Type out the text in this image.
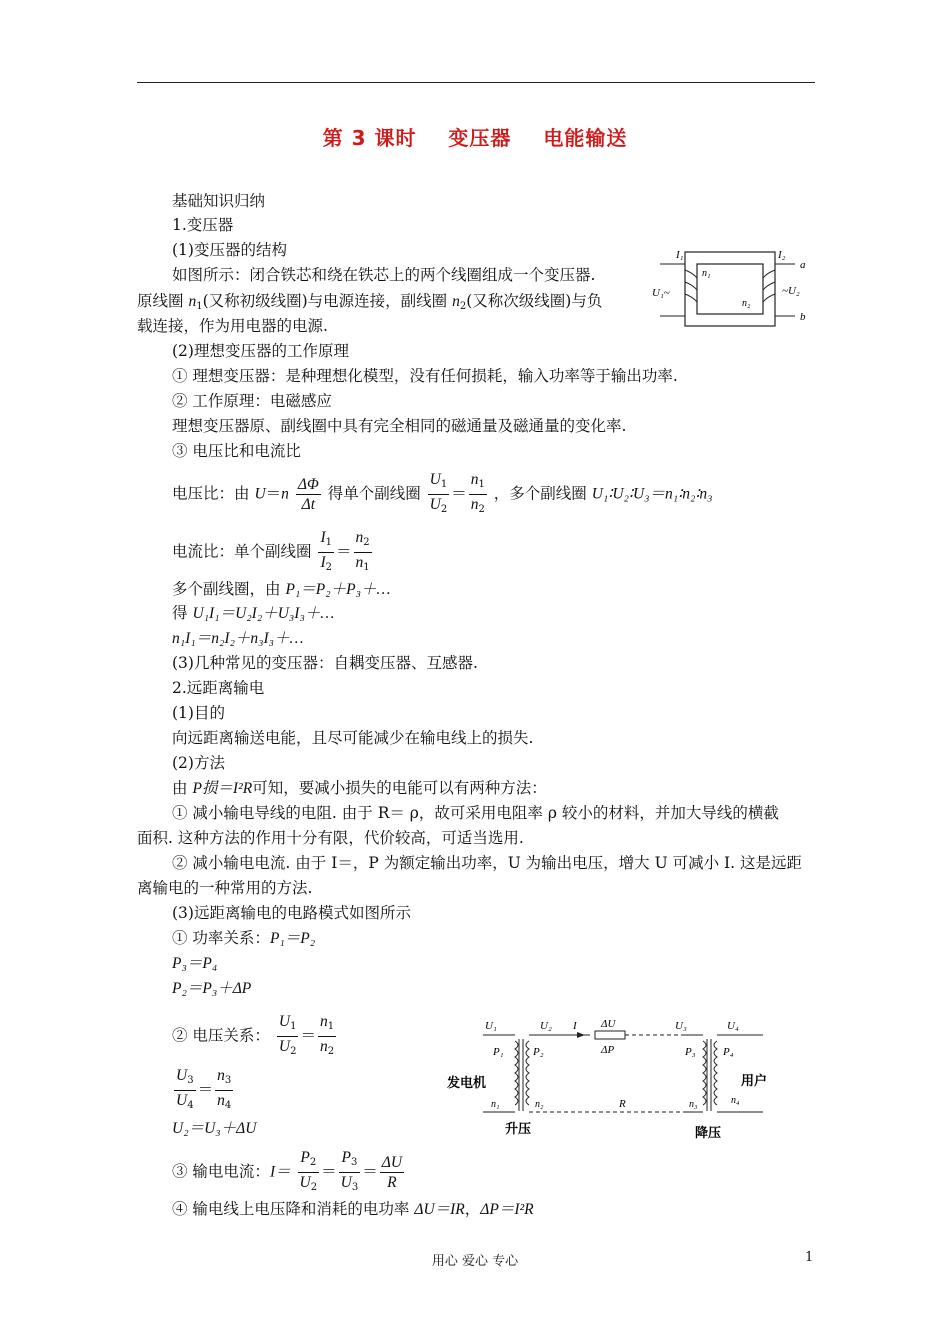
第 3 课时 变压器 电能输送
基础知识归纳
1.变压器
(1)变压器的结构
如图所示：闭合铁芯和绕在铁芯上的两个线圈组成一个变压器.
原线圈 n1(又称初级线圈)与电源连接，副线圈 n2(又称次级线圈)与负
载连接，作为用电器的电源.
I₁	I₂
n₁
n₂
U₁~	~U₂
a
b
(2)理想变压器的工作原理
① 理想变压器：是种理想化模型，没有任何损耗，输入功率等于输出功率.
② 工作原理：电磁感应
理想变压器原、副线圈中具有完全相同的磁通量及磁通量的变化率.
③ 电压比和电流比
电压比：由 $U=n \frac{\Delta\Phi}{\Delta t}$ 得单个副线圈 $\frac{U1}{U2} = \frac{n1}{n2}$ ，多个副线圈 U₁∶U₂∶U₃＝n₁∶n₂∶n₃
电流比：单个副线圈 $\frac{I1}{I2} = \frac{n2}{n1}$
多个副线圈，由 P₁＝P₂＋P₃＋…
得 U₁I₁＝U₂I₂＋U₃I₃＋…
n₁I₁＝n₂I₂＋n₃I₃＋…
(3)几种常见的变压器：自耦变压器、互感器.
2.远距离输电
(1)目的
向远距离输送电能，且尽可能减少在输电线上的损失.
(2)方法
由 P损＝I²R可知，要减小损失的电能可以有两种方法：
① 减小输电导线的电阻. 由于 R＝ ρ，故可采用电阻率 ρ 较小的材料，并加大导线的横截
面积. 这种方法的作用十分有限，代价较高，可适当选用.
② 减小输电电流. 由于 I＝，P 为额定输出功率，U 为输出电压，增大 U 可减小 I. 这是远距
离输电的一种常用的方法.
(3)远距离输电的电路模式如图所示
① 功率关系：P₁＝P₂
P₃＝P₄
P₂＝P₃＋ΔP
② 电压关系： $\frac{U1}{U2} = \frac{n1}{n2}$
$\frac{U3}{U4} = \frac{n3}{n4}$
U₂＝U₃＋ΔU
③ 输电电流：$I= \frac{P2}{U2} = \frac{P3}{U3} = \frac{\Delta U}{R}$
④ 输电线上电压降和消耗的电功率 ΔU＝IR，ΔP＝I²R
U₁	U₂ I ΔU
ΔP
U₃	U₄
P₁	P₂	P₃ P₄
n₁	n₂	n₃	n₄
R
发电机	用户
升压	降压
用心 爱心 专心	1
